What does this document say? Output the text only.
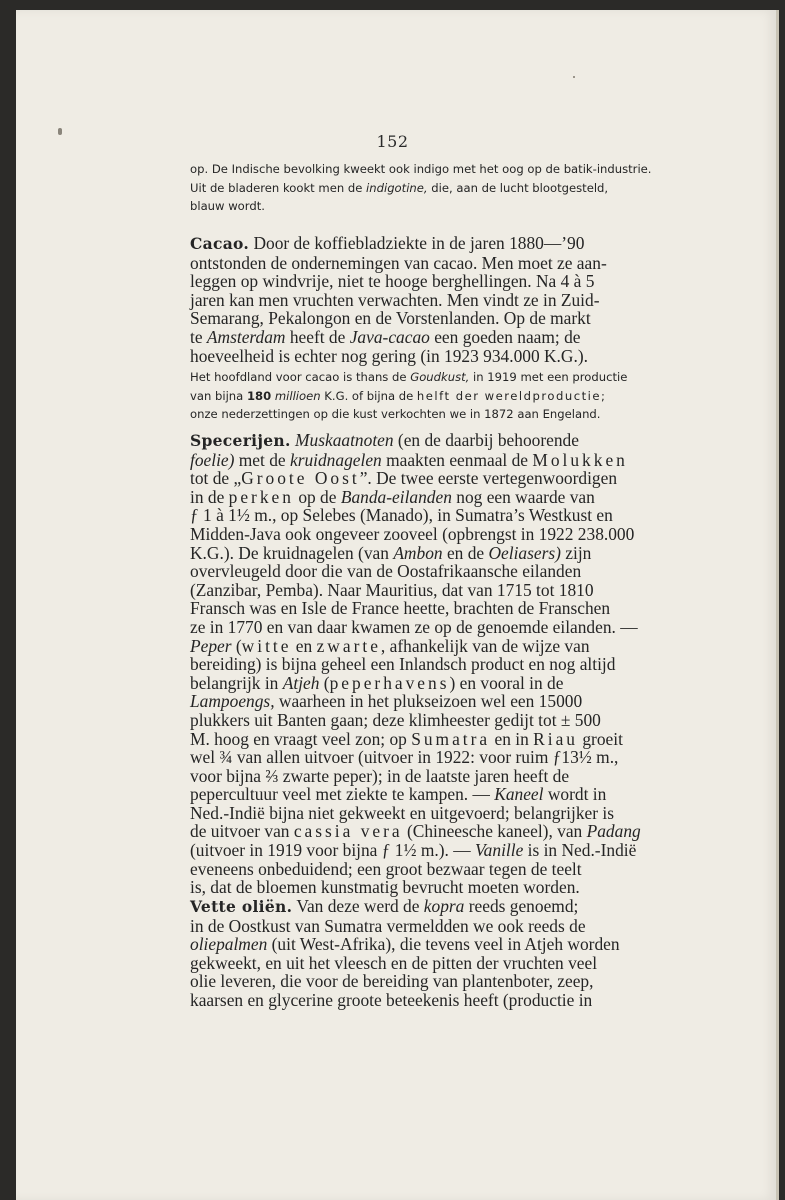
152

op. De Indische bevolking kweekt ook indigo met het oog op de batik-industrie.

Uit de bladeren kookt men de indigotine, die, aan de lucht blootgesteld,

blauw wordt.

Cacao. Door de koffiebladziekte in de jaren 1880—’90

ontstonden de ondernemingen van cacao. Men moet ze aan-

leggen op windvrije, niet te hooge berghellingen. Na 4 à 5

jaren kan men vruchten verwachten. Men vindt ze in Zuid-

Semarang, Pekalongon en de Vorstenlanden. Op de markt

te Amsterdam heeft de Java-cacao een goeden naam; de

hoeveelheid is echter nog gering (in 1923 934.000 K.G.).

Het hoofdland voor cacao is thans de Goudkust, in 1919 met een productie

van bijna 180 millioen K.G. of bijna de helft der wereldproductie;

onze nederzettingen op die kust verkochten we in 1872 aan Engeland.

Specerijen. Muskaatnoten (en de daarbij behoorende

foelie) met de kruidnagelen maakten eenmaal de Molukken

tot de „Groote Oost”. De twee eerste vertegenwoordigen

in de perken op de Banda-eilanden nog een waarde van

ƒ 1 à 1½ m., op Selebes (Manado), in Sumatra’s Westkust en

Midden-Java ook ongeveer zooveel (opbrengst in 1922 238.000

K.G.). De kruidnagelen (van Ambon en de Oeliasers) zijn

overvleugeld door die van de Oostafrikaansche eilanden

(Zanzibar, Pemba). Naar Mauritius, dat van 1715 tot 1810

Fransch was en Isle de France heette, brachten de Franschen

ze in 1770 en van daar kwamen ze op de genoemde eilanden. —

Peper (witte en zwarte, afhankelijk van de wijze van

bereiding) is bijna geheel een Inlandsch product en nog altijd

belangrijk in Atjeh (peperhavens) en vooral in de

Lampoengs, waarheen in het plukseizoen wel een 15000

plukkers uit Banten gaan; deze klimheester gedijt tot ± 500

M. hoog en vraagt veel zon; op Sumatra en in Riau groeit

wel ¾ van allen uitvoer (uitvoer in 1922: voor ruim ƒ13½ m.,

voor bijna ⅔ zwarte peper); in de laatste jaren heeft de

pepercultuur veel met ziekte te kampen. — Kaneel wordt in

Ned.-Indië bijna niet gekweekt en uitgevoerd; belangrijker is

de uitvoer van cassia vera (Chineesche kaneel), van Padang

(uitvoer in 1919 voor bijna ƒ 1½ m.). — Vanille is in Ned.-Indië

eveneens onbeduidend; een groot bezwaar tegen de teelt

is, dat de bloemen kunstmatig bevrucht moeten worden.

Vette oliën. Van deze werd de kopra reeds genoemd;

in de Oostkust van Sumatra vermeldden we ook reeds de

oliepalmen (uit West-Afrika), die tevens veel in Atjeh worden

gekweekt, en uit het vleesch en de pitten der vruchten veel

olie leveren, die voor de bereiding van plantenboter, zeep,

kaarsen en glycerine groote beteekenis heeft (productie in
